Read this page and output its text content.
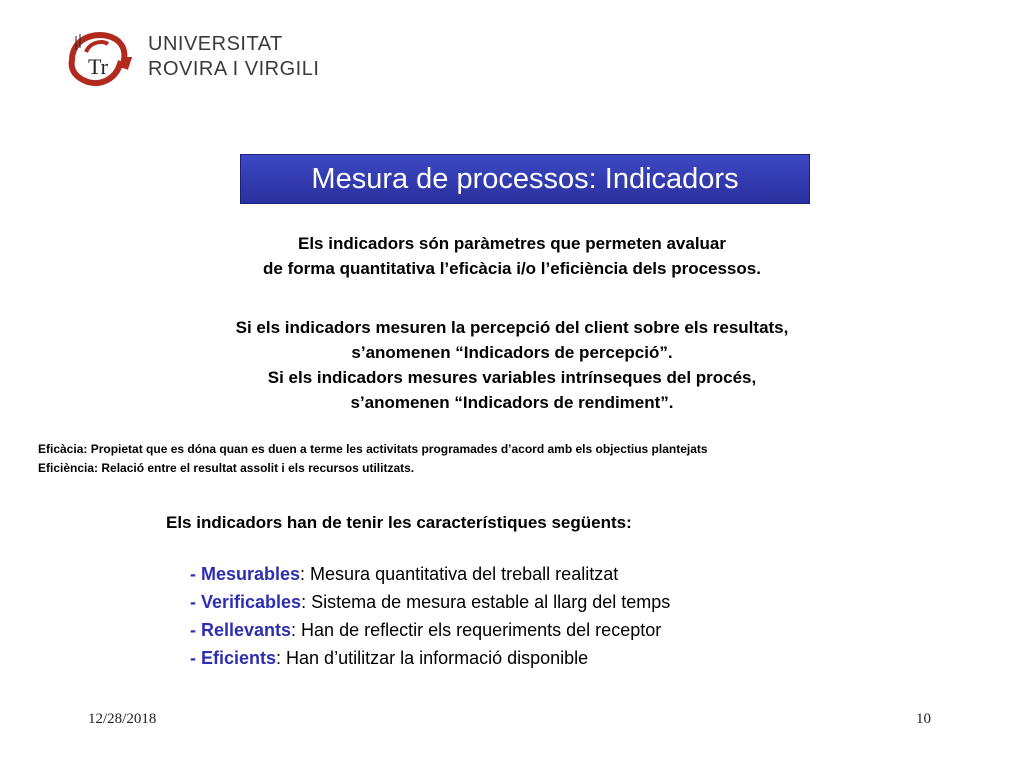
Tr
UNIVERSITAT
ROVIRA I VIRGILI
Mesura de processos: Indicadors
Els indicadors són paràmetres que permeten avaluar
de forma quantitativa l’eficàcia i/o l’eficiència dels processos.
Si els indicadors mesuren la percepció del client sobre els resultats,
s’anomenen “Indicadors de percepció”.
Si els indicadors mesures variables intrínseques del procés,
s’anomenen “Indicadors de rendiment”.
Eficàcia: Propietat que es dóna quan es duen a terme les activitats programades d’acord amb els objectius plantejats
Eficiència: Relació entre el resultat assolit i els recursos utilitzats.
Els indicadors han de tenir les característiques següents:
- Mesurables: Mesura quantitativa del treball realitzat
- Verificables: Sistema de mesura estable al llarg del temps
- Rellevants: Han de reflectir els requeriments del receptor
- Eficients: Han d’utilitzar la informació disponible
12/28/2018	10
